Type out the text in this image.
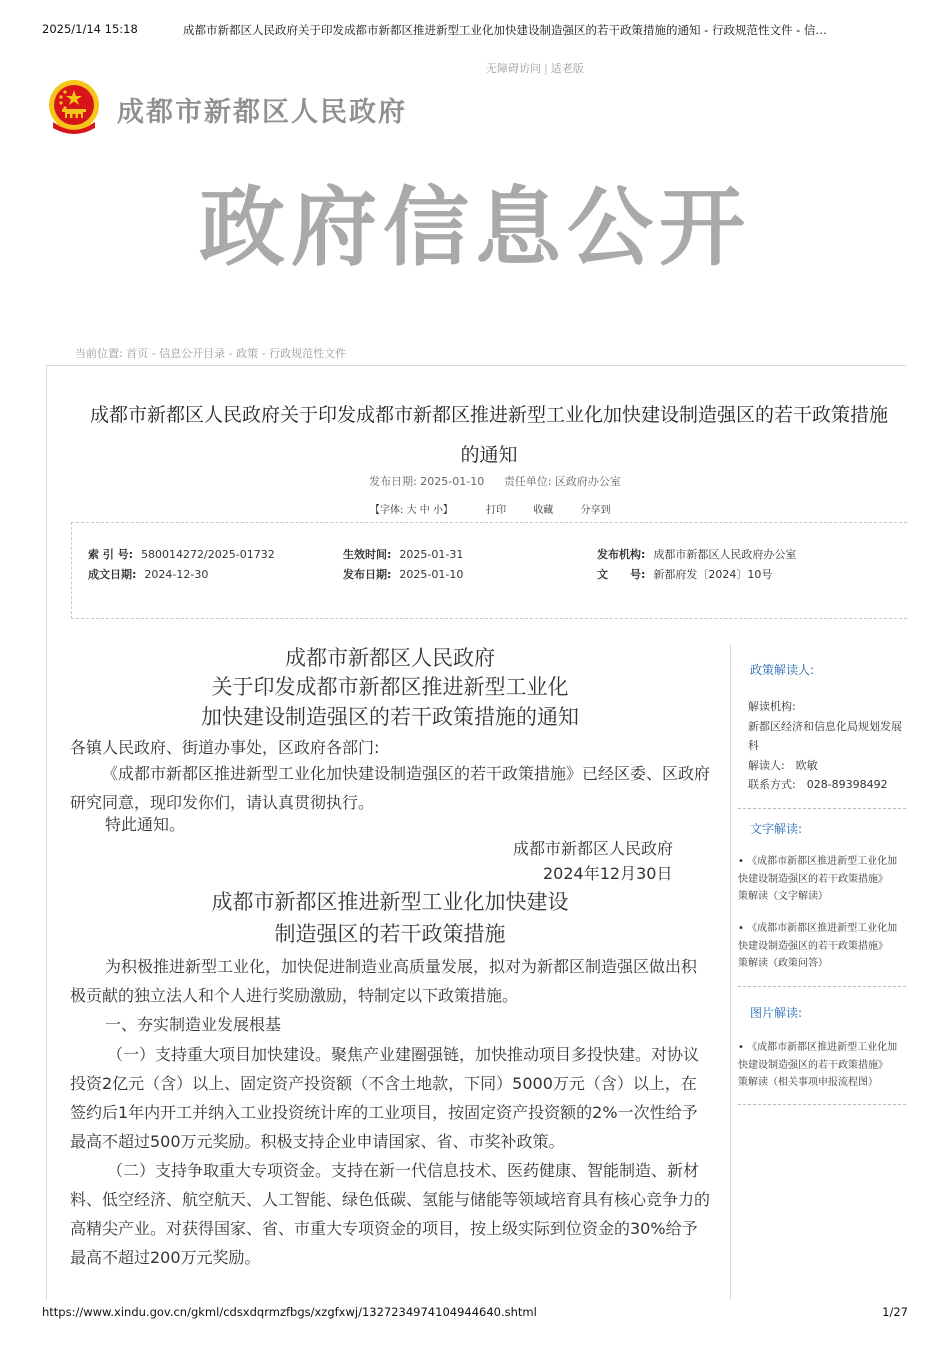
2025/1/14 15:18	成都市新都区人民政府关于印发成都市新都区推进新型工业化加快建设制造强区的若干政策措施的通知 - 行政规范性文件 - 信…
无障碍访问 | 适老版
成都市新都区人民政府
政府信息公开
当前位置: 首页 - 信息公开目录 - 政策 - 行政规范性文件
成都市新都区人民政府关于印发成都市新都区推进新型工业化加快建设制造强区的若干政策措施
的通知
发布日期: 2025-01-10 责任单位: 区政府办公室
【字体: 大 中 小】	打印	收藏	分享到
索 引 号: 580014272/2025-01732	生效时间: 2025-01-31	发布机构: 成都市新都区人民政府办公室
成文日期: 2024-12-30	发布日期: 2025-01-10	文　　号: 新都府发〔2024〕10号
政策解读人:
解读机构:
新都区经济和信息化局规划发展
科
解读人:　欧敏
联系方式:　028-89398492
文字解读:
• 《成都市新都区推进新型工业化加
快建设制造强区的若干政策措施》
策解读（文字解读）
• 《成都市新都区推进新型工业化加
快建设制造强区的若干政策措施》
策解读（政策问答）
图片解读:
• 《成都市新都区推进新型工业化加
快建设制造强区的若干政策措施》
策解读（相关事项申报流程图）
成都市新都区人民政府
关于印发成都市新都区推进新型工业化
加快建设制造强区的若干政策措施的通知
各镇人民政府、街道办事处，区政府各部门:
《成都市新都区推进新型工业化加快建设制造强区的若干政策措施》已经区委、区政府研究同意，现印发你们，请认真贯彻执行。
特此通知。
成都市新都区人民政府
2024年12月30日
成都市新都区推进新型工业化加快建设
制造强区的若干政策措施
为积极推进新型工业化，加快促进制造业高质量发展，拟对为新都区制造强区做出积极贡献的独立法人和个人进行奖励激励，特制定以下政策措施。
一、夯实制造业发展根基
（一）支持重大项目加快建设。聚焦产业建圈强链，加快推动项目多投快建。对协议投资2亿元（含）以上、固定资产投资额（不含土地款，下同）5000万元（含）以上，在签约后1年内开工并纳入工业投资统计库的工业项目，按固定资产投资额的2%一次性给予最高不超过500万元奖励。积极支持企业申请国家、省、市奖补政策。
（二）支持争取重大专项资金。支持在新一代信息技术、医药健康、智能制造、新材料、低空经济、航空航天、人工智能、绿色低碳、氢能与储能等领域培育具有核心竞争力的高精尖产业。对获得国家、省、市重大专项资金的项目，按上级实际到位资金的30%给予最高不超过200万元奖励。
https://www.xindu.gov.cn/gkml/cdsxdqrmzfbgs/xzgfxwj/1327234974104944640.shtml	1/27
